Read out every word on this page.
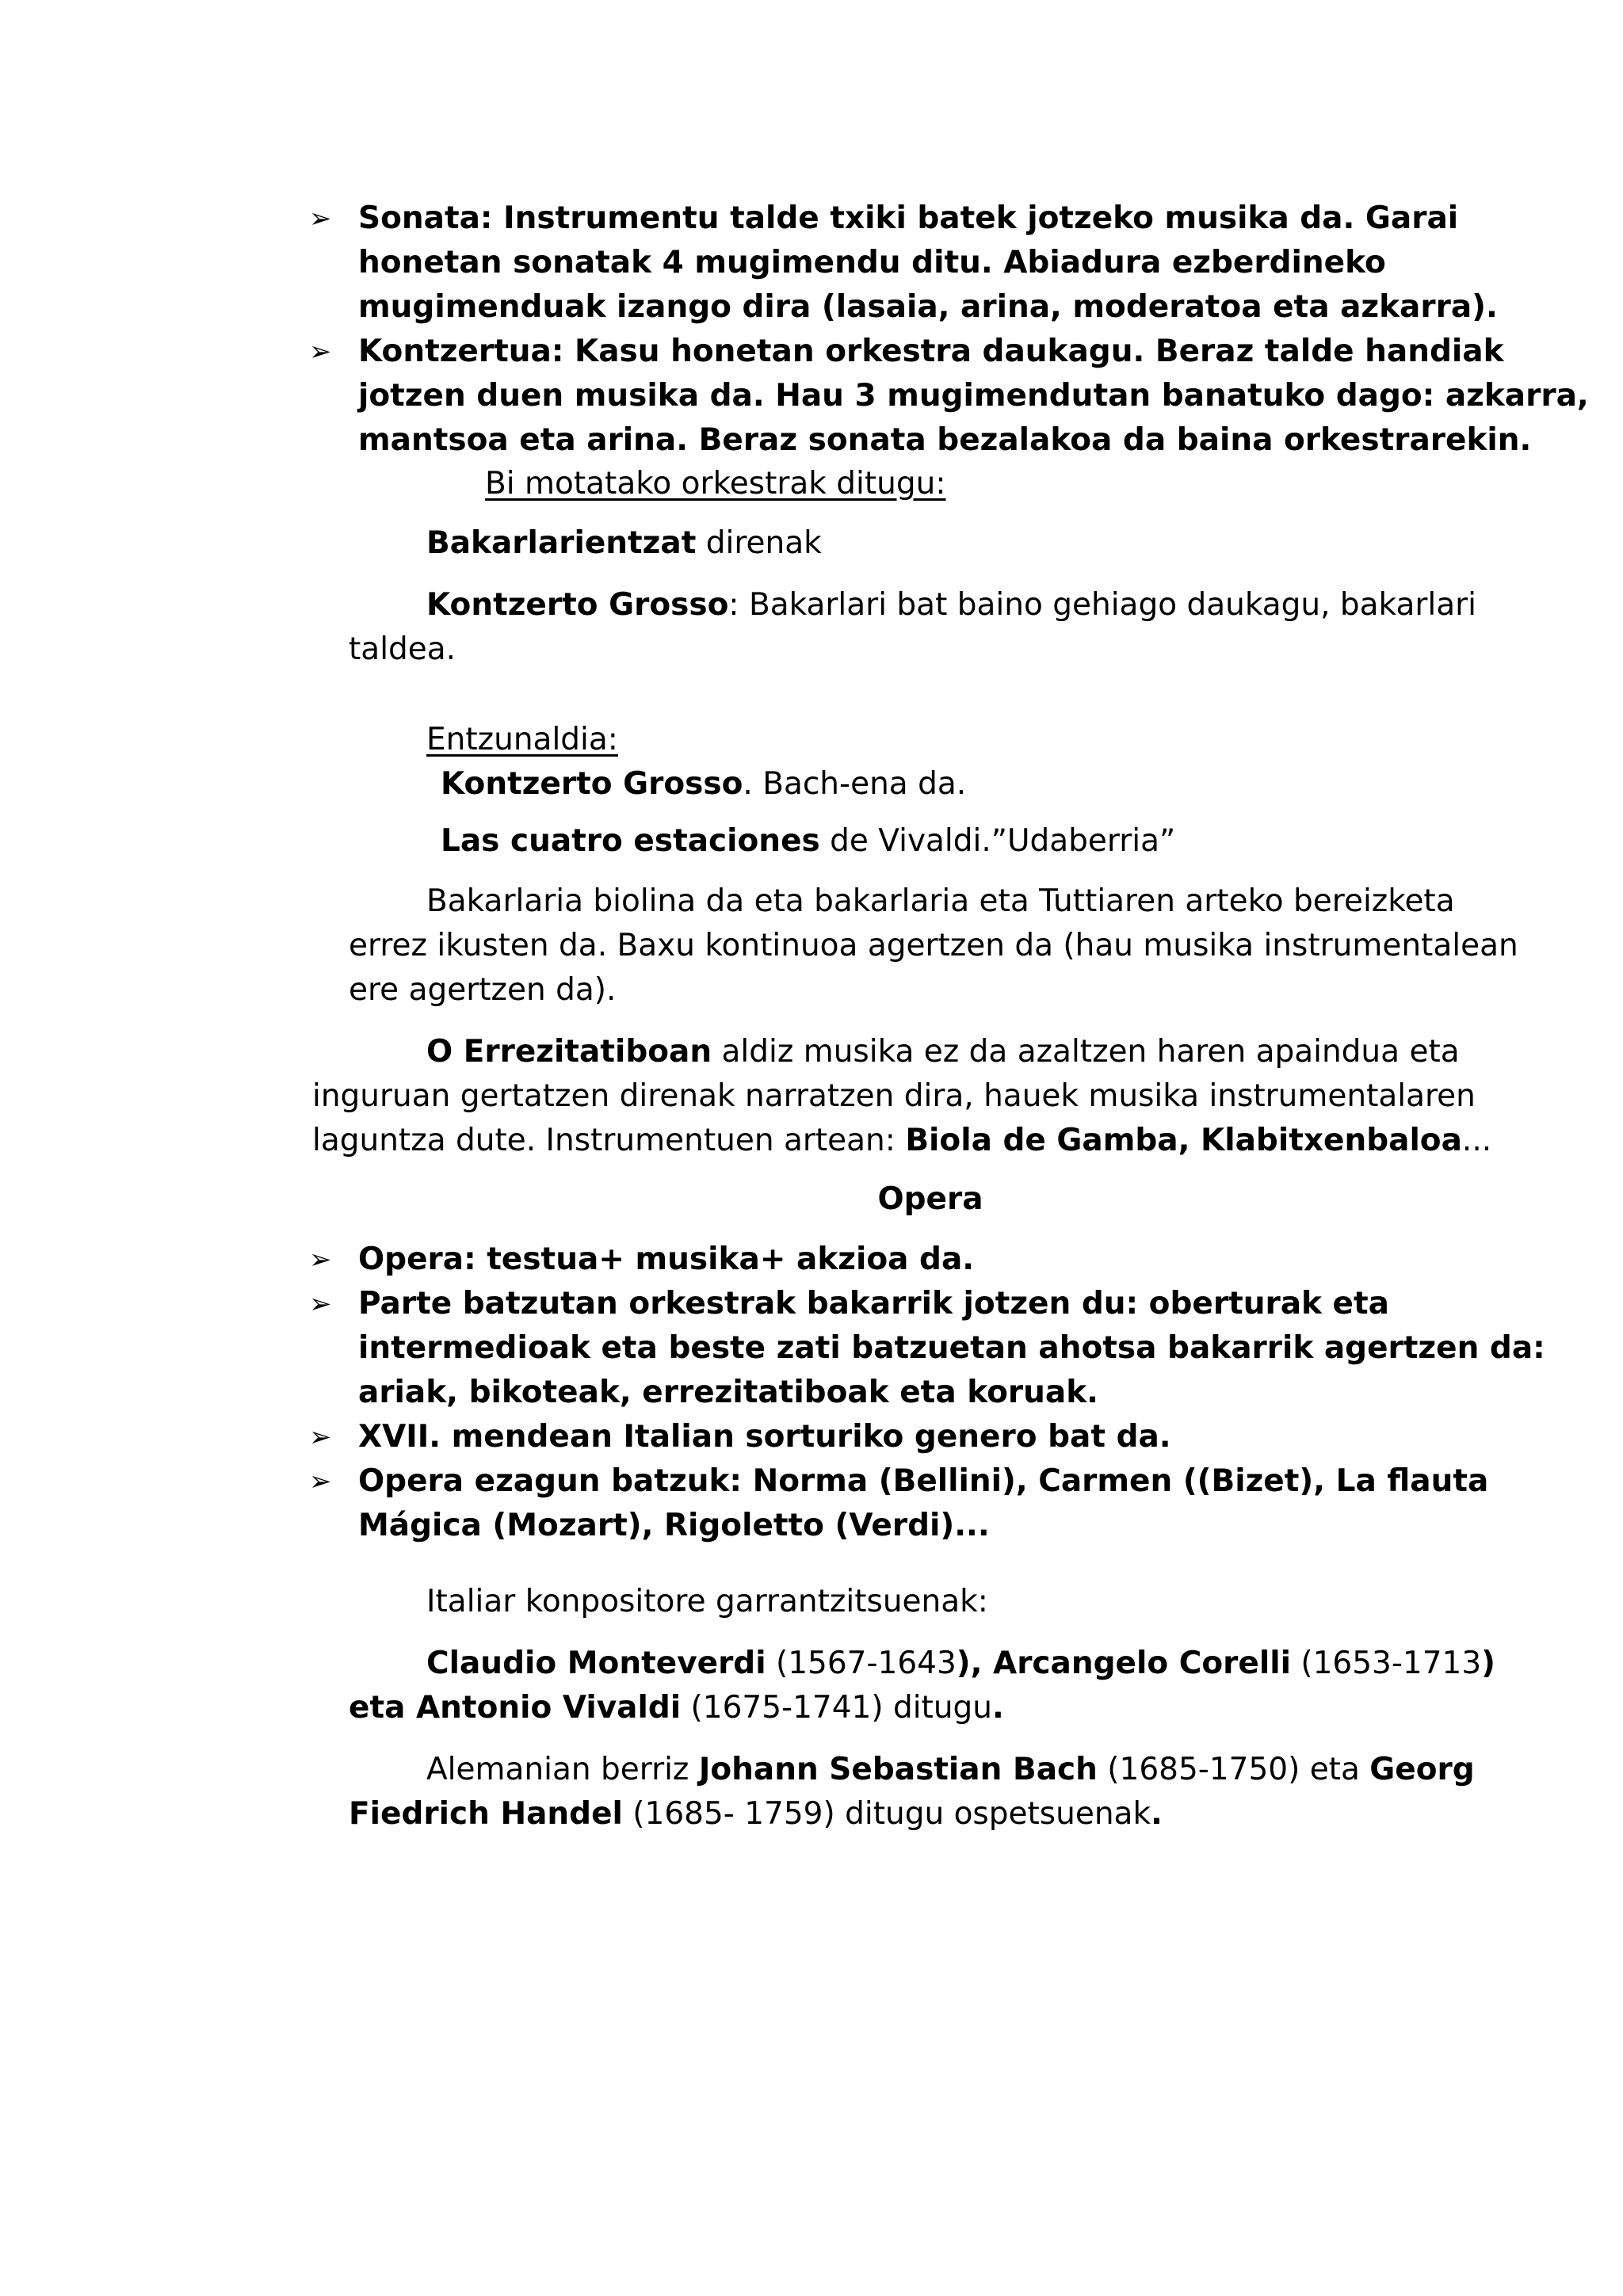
➢ Sonata: Instrumentu talde txiki batek jotzeko musika da. Garai
honetan sonatak 4 mugimendu ditu. Abiadura ezberdineko
mugimenduak izango dira (lasaia, arina, moderatoa eta azkarra).
➢ Kontzertua: Kasu honetan orkestra daukagu. Beraz talde handiak
jotzen duen musika da. Hau 3 mugimendutan banatuko dago: azkarra,
mantsoa eta arina. Beraz sonata bezalakoa da baina orkestrarekin.
Bi motatako orkestrak ditugu:
Bakarlarientzat direnak
Kontzerto Grosso: Bakarlari bat baino gehiago daukagu, bakarlari
taldea.
Entzunaldia:
Kontzerto Grosso. Bach-ena da.
Las cuatro estaciones de Vivaldi.”Udaberria”
Bakarlaria biolina da eta bakarlaria eta Tuttiaren arteko bereizketa
errez ikusten da. Baxu kontinuoa agertzen da (hau musika instrumentalean
ere agertzen da).
O Errezitatiboan aldiz musika ez da azaltzen haren apaindua eta
inguruan gertatzen direnak narratzen dira, hauek musika instrumentalaren
laguntza dute. Instrumentuen artean: Biola de Gamba, Klabitxenbaloa...
Opera
➢ Opera: testua+ musika+ akzioa da.
➢ Parte batzutan orkestrak bakarrik jotzen du: oberturak eta
intermedioak eta beste zati batzuetan ahotsa bakarrik agertzen da:
ariak, bikoteak, errezitatiboak eta koruak.
➢ XVII. mendean Italian sorturiko genero bat da.
➢ Opera ezagun batzuk: Norma (Bellini), Carmen ((Bizet), La flauta
Mágica (Mozart), Rigoletto (Verdi)...
Italiar konpositore garrantzitsuenak:
Claudio Monteverdi (1567-1643), Arcangelo Corelli (1653-1713)
eta Antonio Vivaldi (1675-1741) ditugu.
Alemanian berriz Johann Sebastian Bach (1685-1750) eta Georg
Fiedrich Handel (1685- 1759) ditugu ospetsuenak.
